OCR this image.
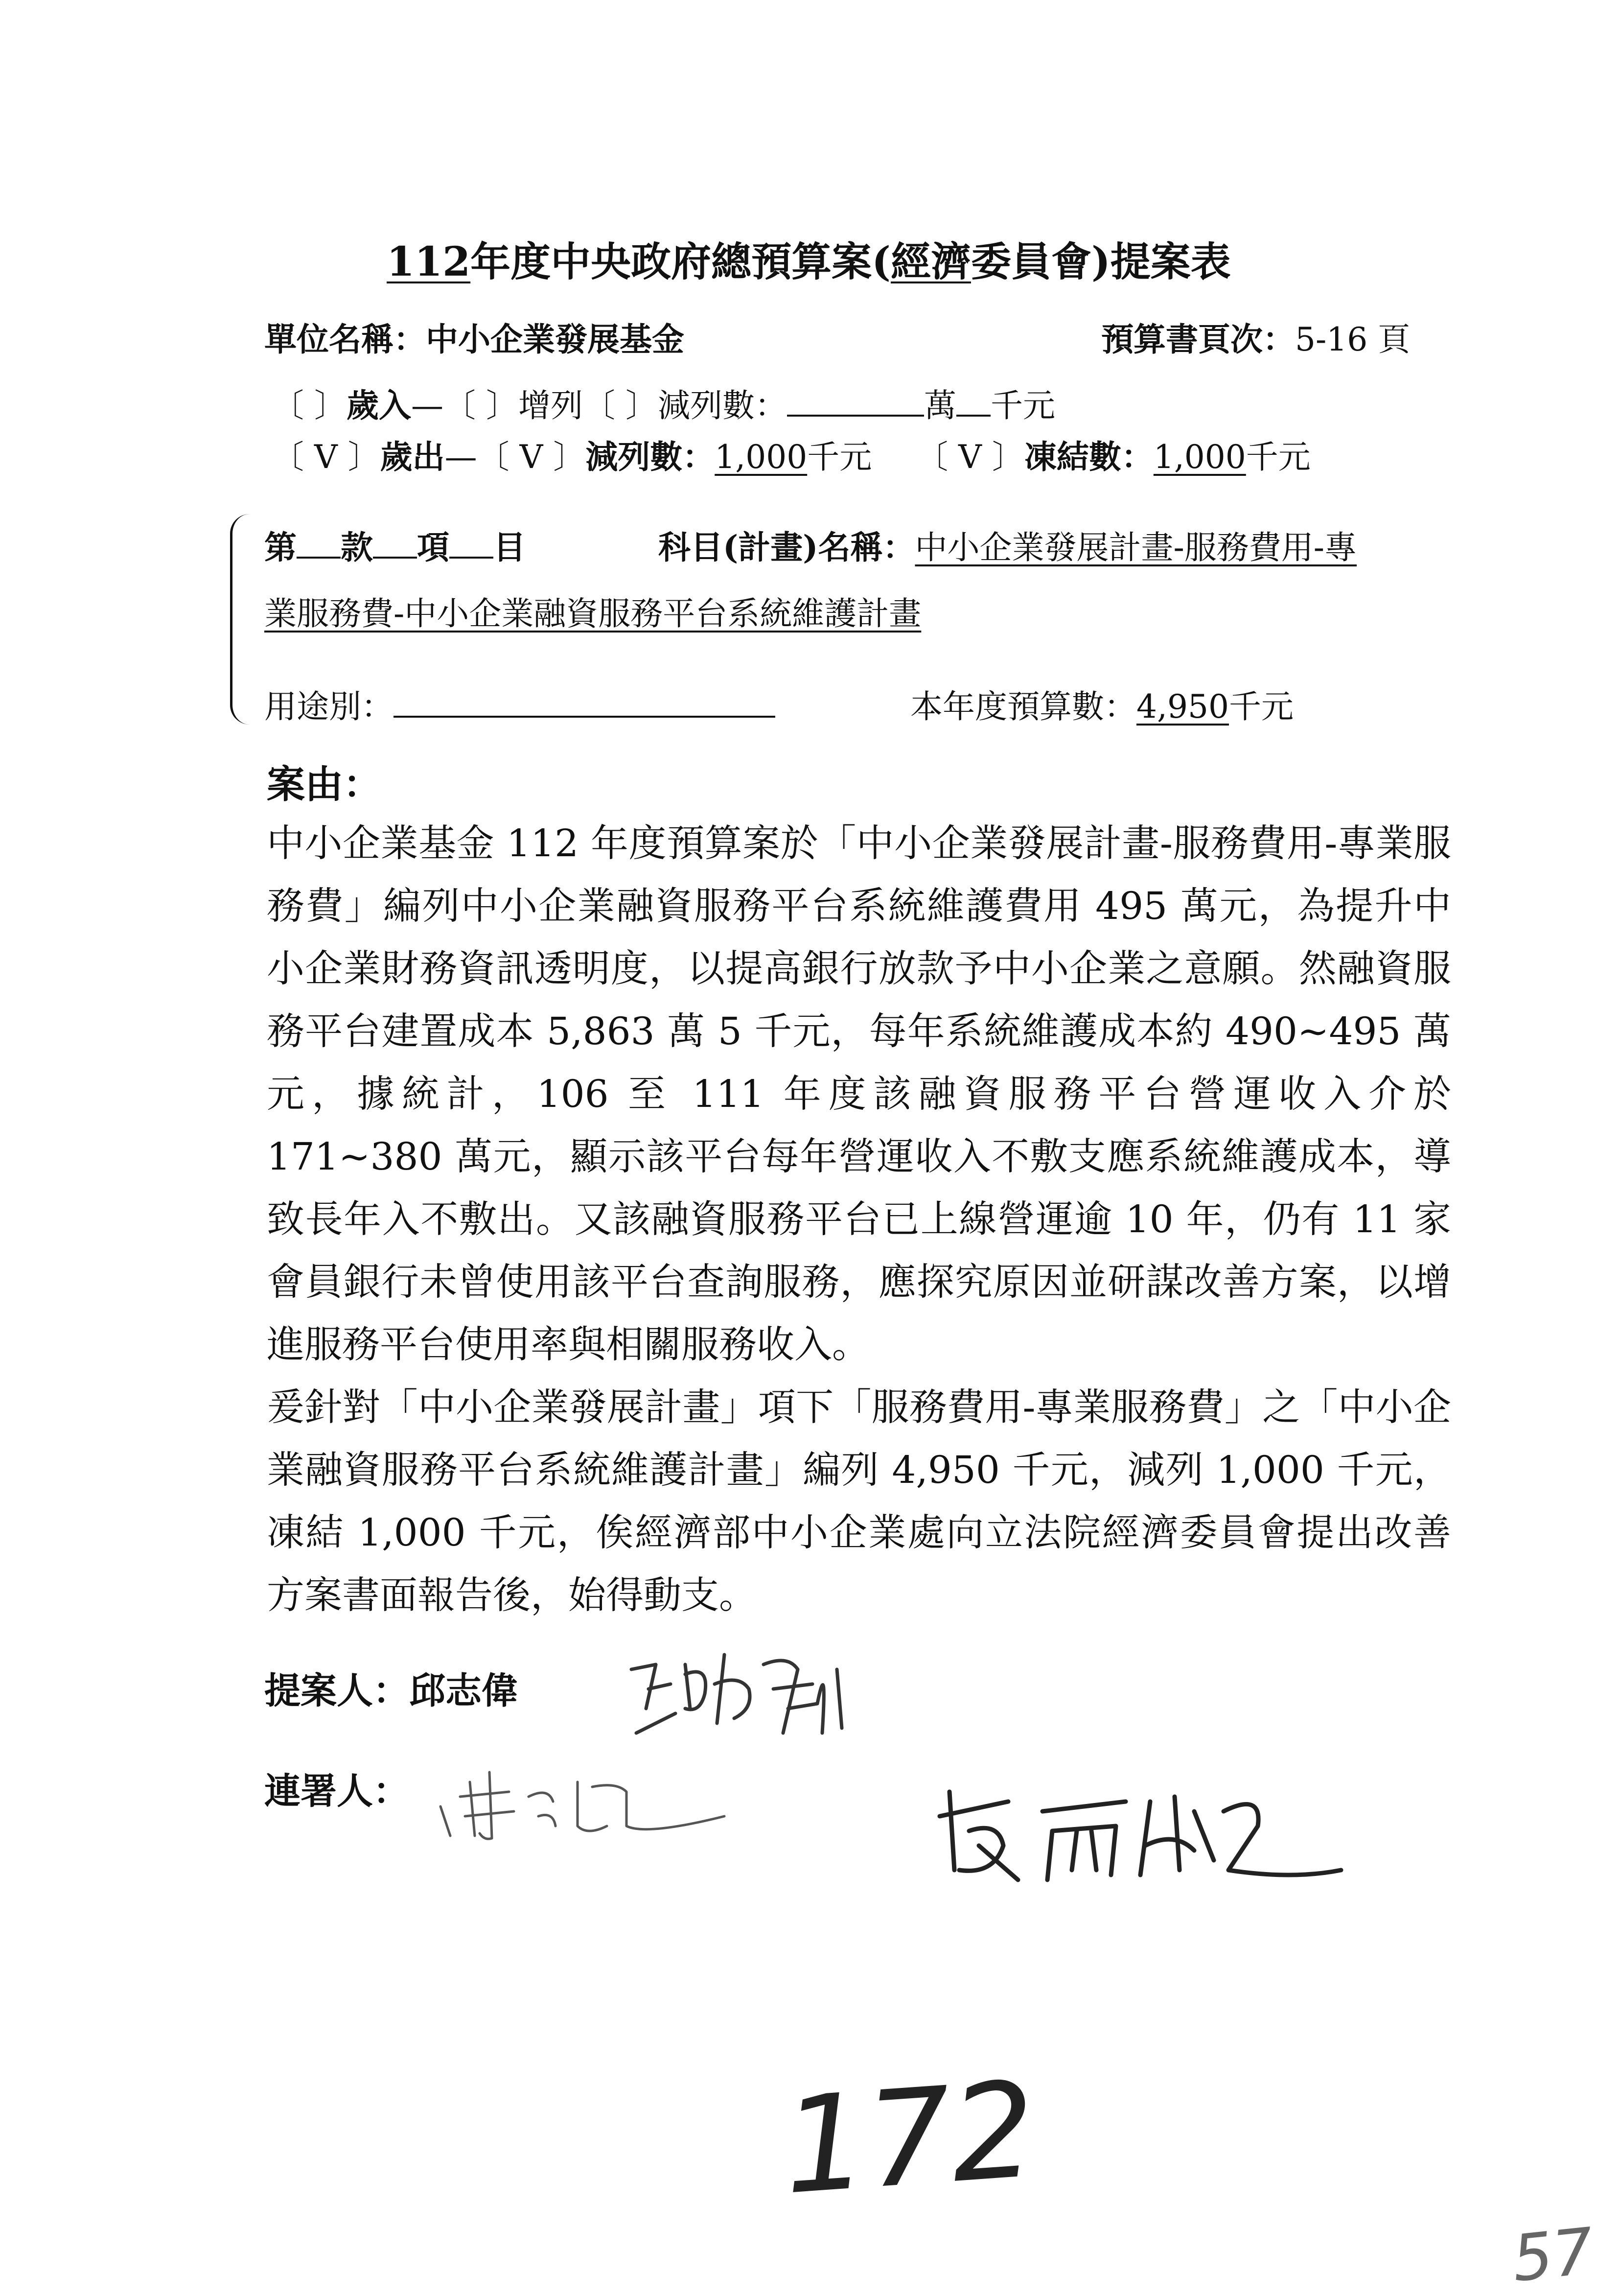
112年度中央政府總預算案(經濟委員會)提案表
單位名稱：中小企業發展基金	預算書頁次：5-16 頁
〔 〕歲入—〔 〕增列〔 〕減列數：	萬 千元
〔 V 〕歲出—〔 V 〕減列數：1,000千元 〔 V 〕凍結數：1,000千元
第 款 項 目	科目(計畫)名稱：中小企業發展計畫-服務費用-專
業服務費-中小企業融資服務平台系統維護計畫
用途別：	本年度預算數：4,950千元
案由：

中小企業基金 112 年度預算案於「中小企業發展計畫-服務費用-專業服務費」編列中小企業融資服務平台系統維護費用 495 萬元，為提升中小企業財務資訊透明度，以提高銀行放款予中小企業之意願。然融資服務平台建置成本 5,863 萬 5 千元，每年系統維護成本約 490~495 萬元，據統計，106 至 111 年度該融資服務平台營運收入介於 171~380 萬元，顯示該平台每年營運收入不敷支應系統維護成本，導致長年入不敷出。又該融資服務平台已上線營運逾 10 年，仍有 11 家會員銀行未曾使用該平台查詢服務，應探究原因並研謀改善方案，以增進服務平台使用率與相關服務收入。

爰針對「中小企業發展計畫」項下「服務費用-專業服務費」之「中小企業融資服務平台系統維護計畫」編列 4,950 千元，減列 1,000 千元，凍結 1,000 千元，俟經濟部中小企業處向立法院經濟委員會提出改善方案書面報告後，始得動支。

提案人：邱志偉
連署人：
172
57
